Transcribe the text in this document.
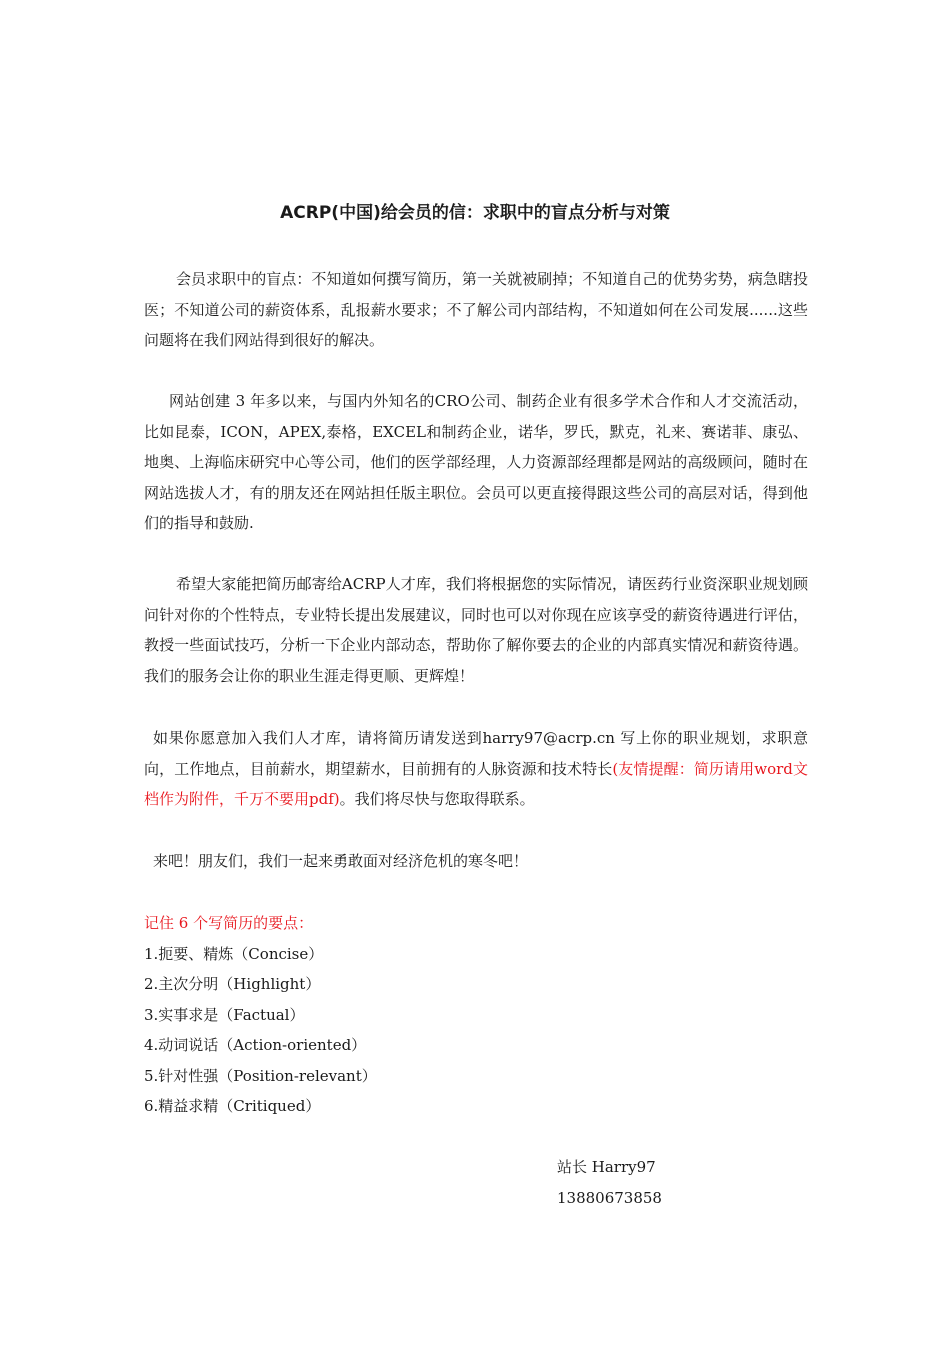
ACRP(中国)给会员的信：求职中的盲点分析与对策

会员求职中的盲点：不知道如何撰写简历，第一关就被刷掉；不知道自己的优势劣势，病急瞎投医；不知道公司的薪资体系，乱报薪水要求；不了解公司内部结构，不知道如何在公司发展......这些问题将在我们网站得到很好的解决。

网站创建 3 年多以来，与国内外知名的CRO公司、制药企业有很多学术合作和人才交流活动，比如昆泰，ICON，APEX,泰格，EXCEL和制药企业，诺华，罗氏，默克，礼来、赛诺菲、康弘、地奥、上海临床研究中心等公司，他们的医学部经理，人力资源部经理都是网站的高级顾问，随时在网站选拔人才，有的朋友还在网站担任版主职位。会员可以更直接得跟这些公司的高层对话，得到他们的指导和鼓励.

希望大家能把简历邮寄给ACRP人才库，我们将根据您的实际情况，请医药行业资深职业规划顾问针对你的个性特点，专业特长提出发展建议，同时也可以对你现在应该享受的薪资待遇进行评估，教授一些面试技巧，分析一下企业内部动态，帮助你了解你要去的企业的内部真实情况和薪资待遇。我们的服务会让你的职业生涯走得更顺、更辉煌！

如果你愿意加入我们人才库，请将简历请发送到harry97@acrp.cn 写上你的职业规划，求职意向，工作地点，目前薪水，期望薪水，目前拥有的人脉资源和技术特长(友情提醒：简历请用word文档作为附件，千万不要用pdf)。我们将尽快与您取得联系。

来吧！朋友们，我们一起来勇敢面对经济危机的寒冬吧！

记住 6 个写简历的要点：
1.扼要、精炼（Concise）
2.主次分明（Highlight）
3.实事求是（Factual）
4.动词说话（Action-oriented）
5.针对性强（Position-relevant）
6.精益求精（Critiqued）
站长 Harry97
13880673858
